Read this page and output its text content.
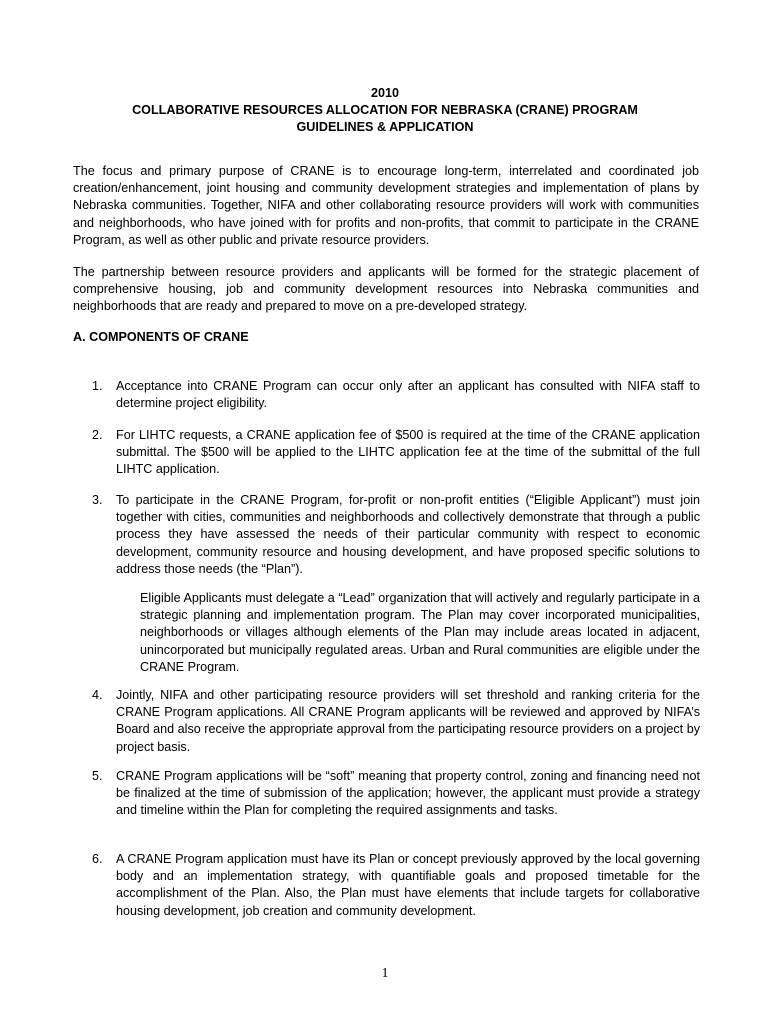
2010
COLLABORATIVE RESOURCES ALLOCATION FOR NEBRASKA (CRANE) PROGRAM
GUIDELINES & APPLICATION

The focus and primary purpose of CRANE is to encourage long-term, interrelated and coordinated job creation/enhancement, joint housing and community development strategies and implementation of plans by Nebraska communities. Together, NIFA and other collaborating resource providers will work with communities and neighborhoods, who have joined with for profits and non-profits, that commit to participate in the CRANE Program, as well as other public and private resource providers.

The partnership between resource providers and applicants will be formed for the strategic placement of comprehensive housing, job and community development resources into Nebraska communities and neighborhoods that are ready and prepared to move on a pre-developed strategy.

A. COMPONENTS OF CRANE

1. Acceptance into CRANE Program can occur only after an applicant has consulted with NIFA staff to determine project eligibility.

2. For LIHTC requests, a CRANE application fee of $500 is required at the time of the CRANE application submittal. The $500 will be applied to the LIHTC application fee at the time of the submittal of the full LIHTC application.

3. To participate in the CRANE Program, for-profit or non-profit entities (“Eligible Applicant”) must join together with cities, communities and neighborhoods and collectively demonstrate that through a public process they have assessed the needs of their particular community with respect to economic development, community resource and housing development, and have proposed specific solutions to address those needs (the “Plan”).

Eligible Applicants must delegate a “Lead” organization that will actively and regularly participate in a strategic planning and implementation program. The Plan may cover incorporated municipalities, neighborhoods or villages although elements of the Plan may include areas located in adjacent, unincorporated but municipally regulated areas. Urban and Rural communities are eligible under the CRANE Program.

4. Jointly, NIFA and other participating resource providers will set threshold and ranking criteria for the CRANE Program applications. All CRANE Program applicants will be reviewed and approved by NIFA’s Board and also receive the appropriate approval from the participating resource providers on a project by project basis.

5. CRANE Program applications will be “soft” meaning that property control, zoning and financing need not be finalized at the time of submission of the application; however, the applicant must provide a strategy and timeline within the Plan for completing the required assignments and tasks.

6. A CRANE Program application must have its Plan or concept previously approved by the local governing body and an implementation strategy, with quantifiable goals and proposed timetable for the accomplishment of the Plan. Also, the Plan must have elements that include targets for collaborative housing development, job creation and community development.

1
